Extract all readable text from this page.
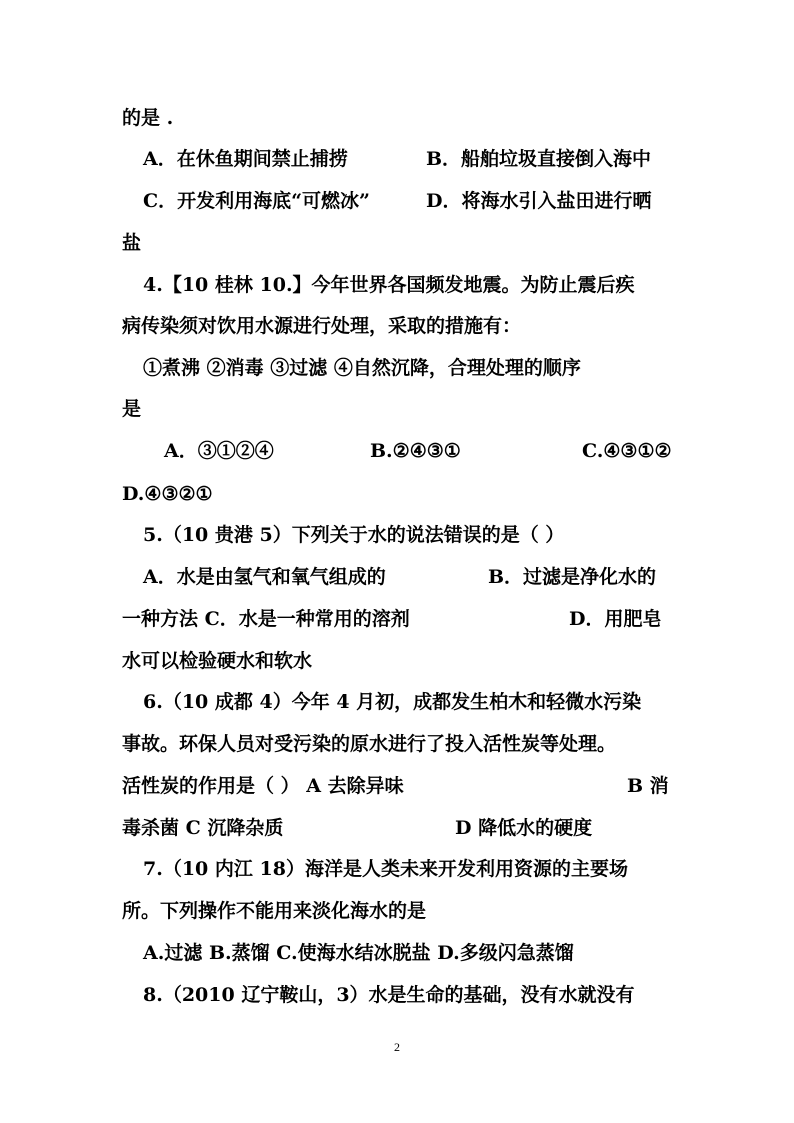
的是 .
A．在休鱼期间禁止捕捞	B．船舶垃圾直接倒入海中
C．开发利用海底“可燃冰”	D．将海水引入盐田进行晒
盐
4.【10 桂林 10.】今年世界各国频发地震。为防止震后疾
病传染须对饮用水源进行处理，采取的措施有：
①煮沸 ②消毒 ③过滤 ④自然沉降，合理处理的顺序
是
A．③①②④	B.②④③①	C.④③①②
D.④③②①
5.（10 贵港 5）下列关于水的说法错误的是（ ）
A．水是由氢气和氧气组成的	B．过滤是净化水的
一种方法 C．水是一种常用的溶剂	D．用肥皂
水可以检验硬水和软水
6.（10 成都 4）今年 4 月初，成都发生柏木和轻微水污染
事故。环保人员对受污染的原水进行了投入活性炭等处理。
活性炭的作用是（ ） A 去除异味	B 消
毒杀菌 C 沉降杂质	D 降低水的硬度
7.（10 内江 18）海洋是人类未来开发利用资源的主要场
所。下列操作不能用来淡化海水的是
A.过滤 B.蒸馏 C.使海水结冰脱盐 D.多级闪急蒸馏
8.（2010 辽宁鞍山，3）水是生命的基础，没有水就没有
2
